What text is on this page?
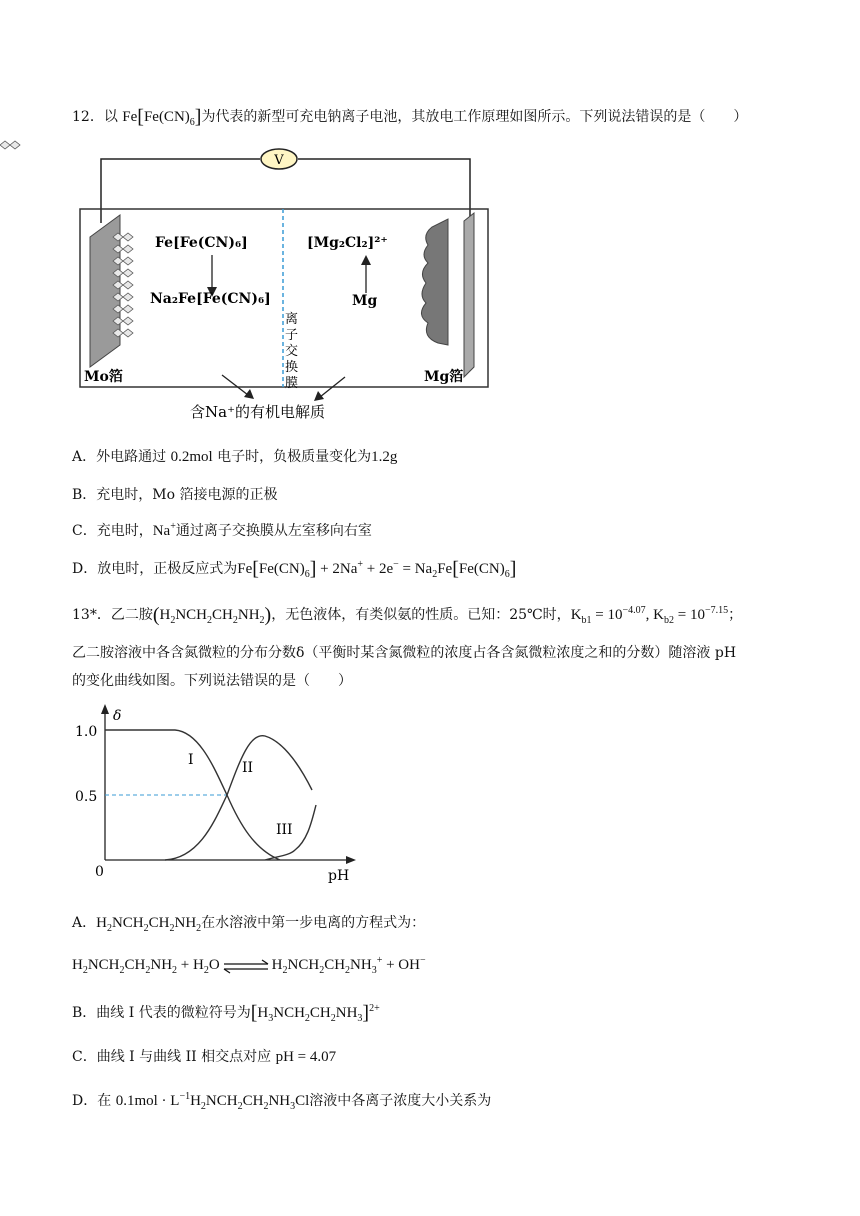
12．以 $Fe[Fe(CN)_6]$为代表的新型可充电钠离子电池，其放电工作原理如图所示。下列说法错误的是（　　）
V
Fe[Fe(CN)₆]
Na₂Fe[Fe(CN)₆]
离
子
交
换
膜
[Mg₂Cl₂]²⁺
Mg
Mo箔	Mg箔
含Na⁺的有机电解质
A．外电路通过 0.2mol 电子时，负极质量变化为1.2g
B．充电时，Mo 箔接电源的正极
C．充电时，Na+通过离子交换膜从左室移向右室
D．放电时，正极反应式为$Fe[Fe(CN)_6] + 2Na^+ + 2e^- = Na_2Fe[Fe(CN)_6]$
13*．乙二胺$(H_2NCH_2CH_2NH_2)$，无色液体，有类似氨的性质。已知：25℃时，$K_{b1} = 10^{-4.07}$, $K_{b2} = 10^{-7.15}$；
乙二胺溶液中各含氮微粒的分布分数δ（平衡时某含氮微粒的浓度占各含氮微粒浓度之和的分数）随溶液 pH
的变化曲线如图。下列说法错误的是（　　）
δ
pH
1.0
0.5
0
I	II
III
A．$H_2NCH_2CH_2NH_2$在水溶液中第一步电离的方程式为：
$H_2NCH_2CH_2NH_2 + H_2O$ ⇌ $H_2NCH_2CH_2NH_3^+ + OH^-$
B．曲线 I 代表的微粒符号为$[H_3NCH_2CH_2NH_3]^{2+}$
C．曲线 I 与曲线 II 相交点对应 pH = 4.07
D．在 $0.1mol \cdot L^{-1}H_2NCH_2CH_2NH_3Cl$溶液中各离子浓度大小关系为
